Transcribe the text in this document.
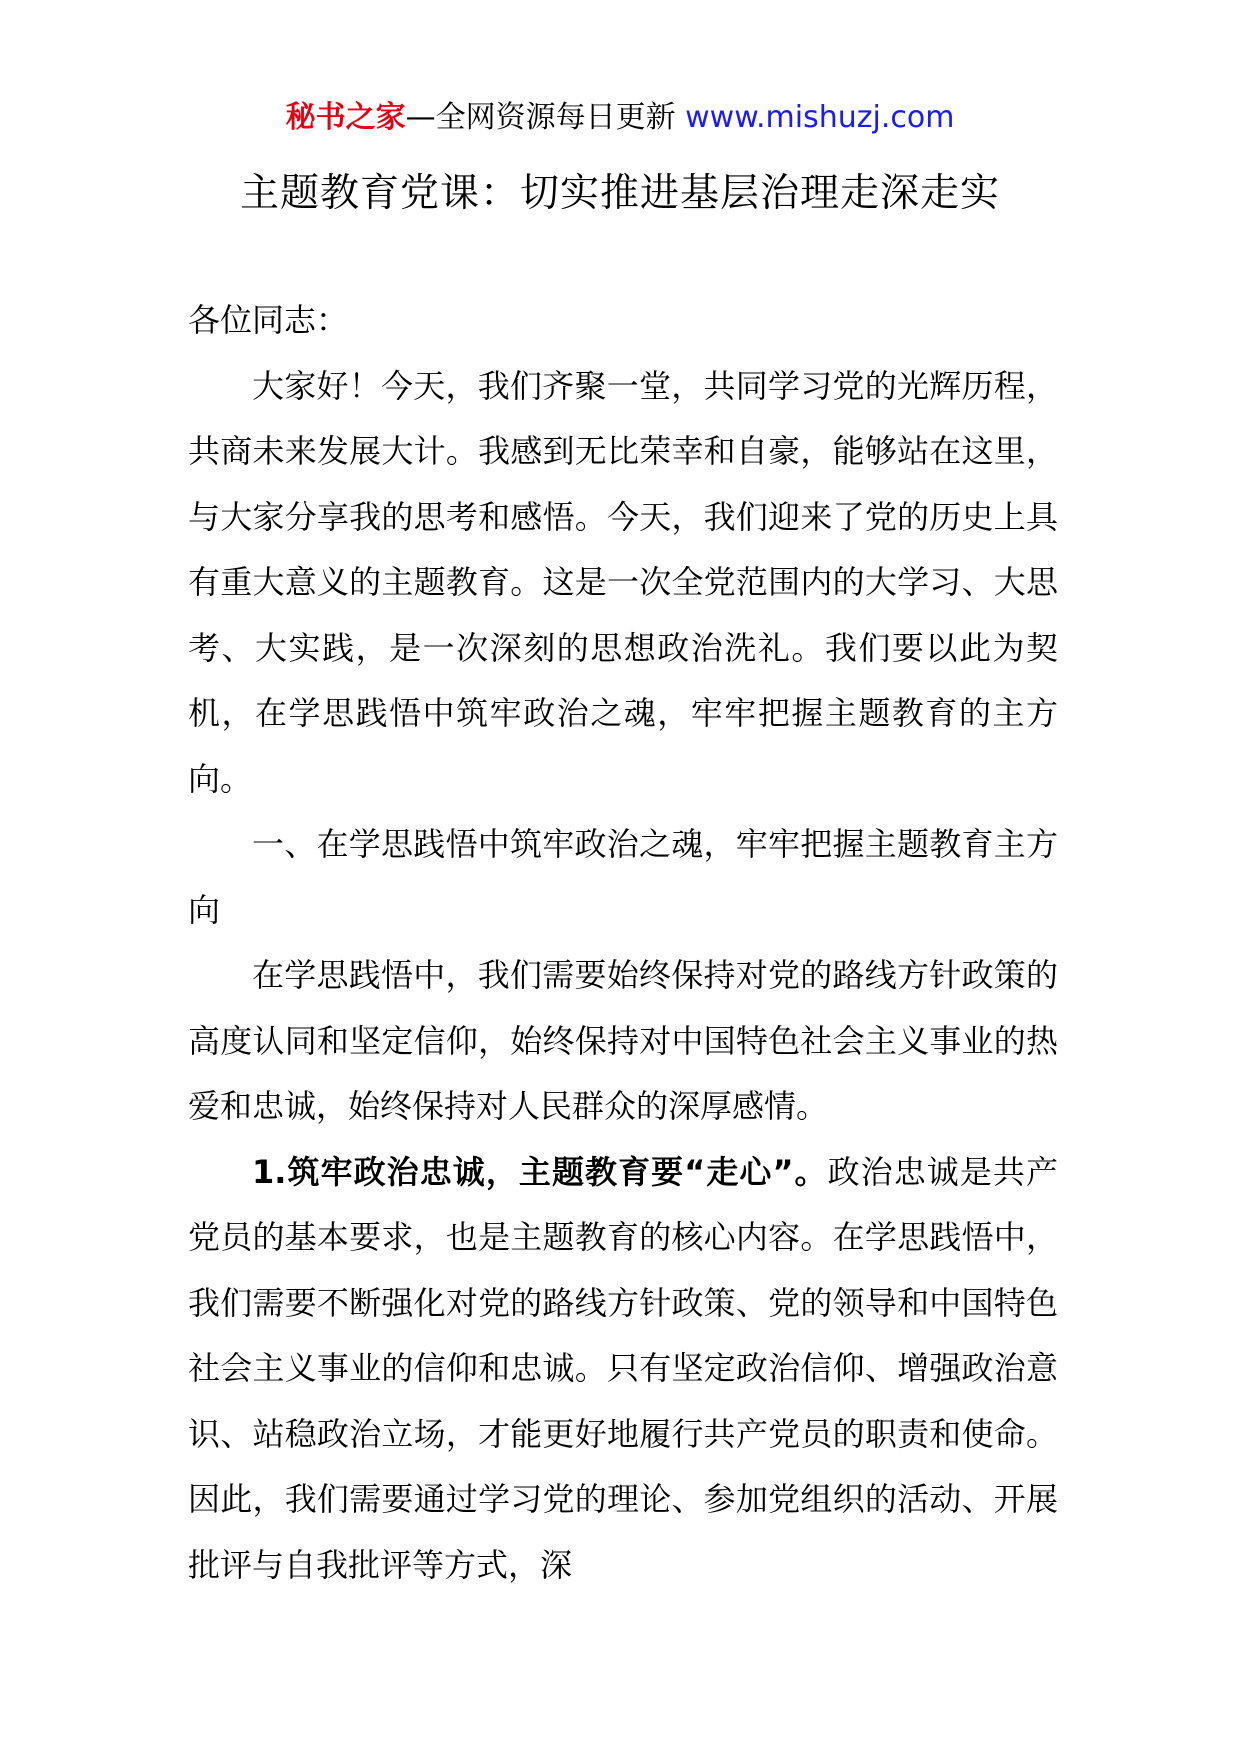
秘书之家—全网资源每日更新 www.mishuzj.com
主题教育党课：切实推进基层治理走深走实

各位同志：

大家好！今天，我们齐聚一堂，共同学习党的光辉历程，共商未来发展大计。我感到无比荣幸和自豪，能够站在这里，与大家分享我的思考和感悟。今天，我们迎来了党的历史上具有重大意义的主题教育。这是一次全党范围内的大学习、大思考、大实践，是一次深刻的思想政治洗礼。我们要以此为契机，在学思践悟中筑牢政治之魂，牢牢把握主题教育的主方向。

一、在学思践悟中筑牢政治之魂，牢牢把握主题教育主方向

在学思践悟中，我们需要始终保持对党的路线方针政策的高度认同和坚定信仰，始终保持对中国特色社会主义事业的热爱和忠诚，始终保持对人民群众的深厚感情。

1.筑牢政治忠诚，主题教育要“走心”。政治忠诚是共产党员的基本要求，也是主题教育的核心内容。在学思践悟中，我们需要不断强化对党的路线方针政策、党的领导和中国特色社会主义事业的信仰和忠诚。只有坚定政治信仰、增强政治意识、站稳政治立场，才能更好地履行共产党员的职责和使命。因此，我们需要通过学习党的理论、参加党组织的活动、开展批评与自我批评等方式，深
